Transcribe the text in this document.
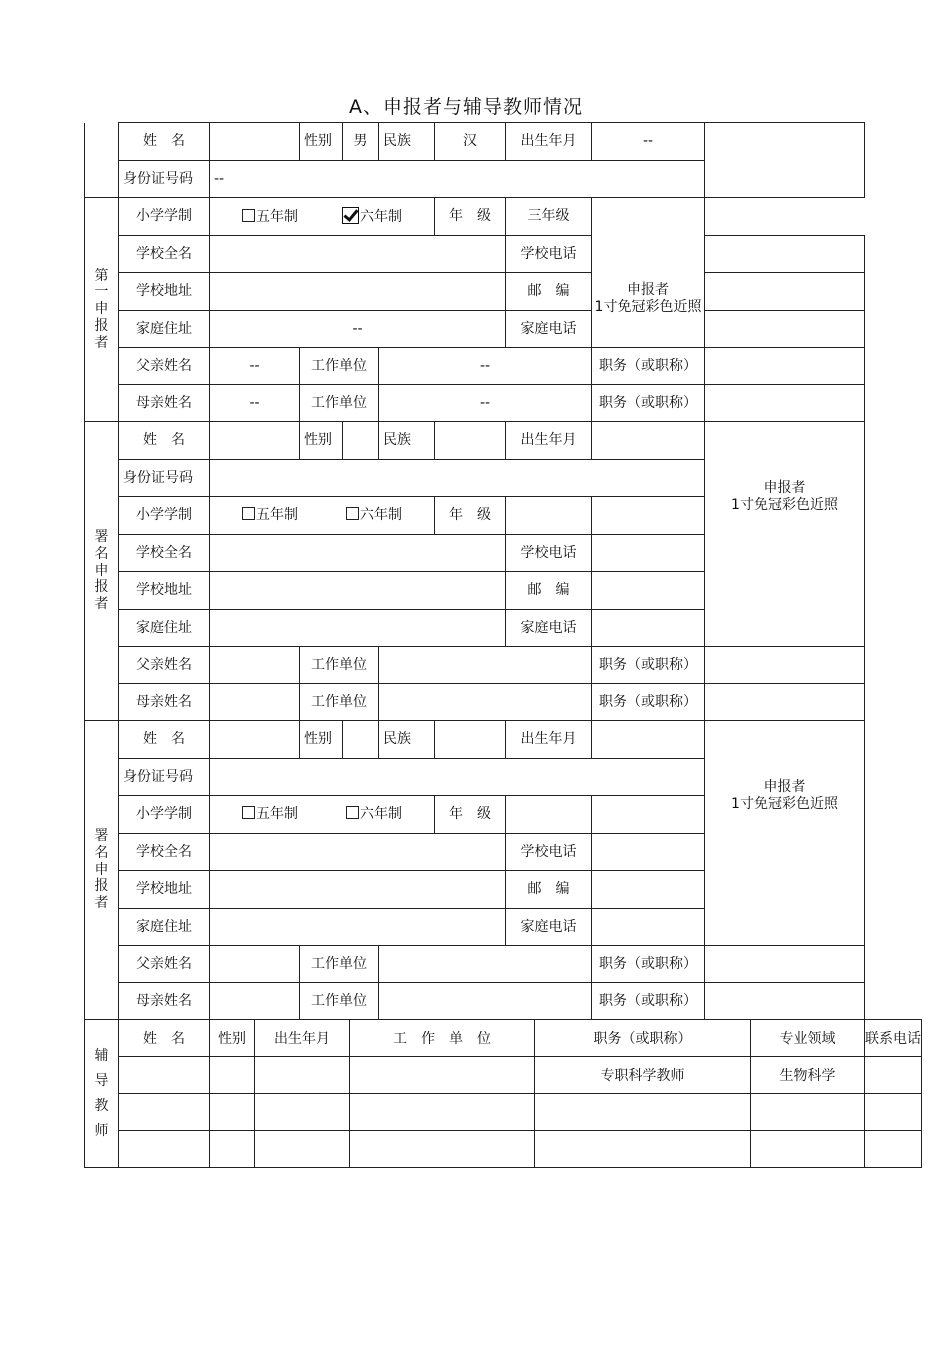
A、申报者与辅导教师情况
	姓　名		性别	男	民族	汉	出生年月	--	
	身份证号码	--							
第
一
申
报
者	小学学制	五年制 六年制				年　级	三年级	申报者
1寸免冠彩色近照	
	学校全名						学校电话		
	学校地址						邮　编		
	家庭住址	--					家庭电话		
	父亲姓名	--	工作单位		--			职务（或职称）	
	母亲姓名	--	工作单位		--			职务（或职称）	
署
名
申
报
者	姓　名		性别		民族		出生年月		申报者
1寸免冠彩色近照
	身份证号码								
	小学学制	五年制 六年制				年　级			
	学校全名						学校电话		
	学校地址						邮　编		
	家庭住址						家庭电话		
	父亲姓名		工作单位					职务（或职称）	
	母亲姓名		工作单位					职务（或职称）	
署
名
申
报
者	姓　名		性别		民族		出生年月		申报者
1寸免冠彩色近照
	身份证号码								
	小学学制	五年制 六年制				年　级			
	学校全名						学校电话		
	学校地址						邮　编		
	家庭住址						家庭电话		
	父亲姓名		工作单位					职务（或职称）	
	母亲姓名		工作单位					职务（或职称）	
辅
导
教
师	姓　名	性别	出生年月	工　作　单　位	职务（或职称）	专业领域	联系电话
					专职科学教师	生物科学	
